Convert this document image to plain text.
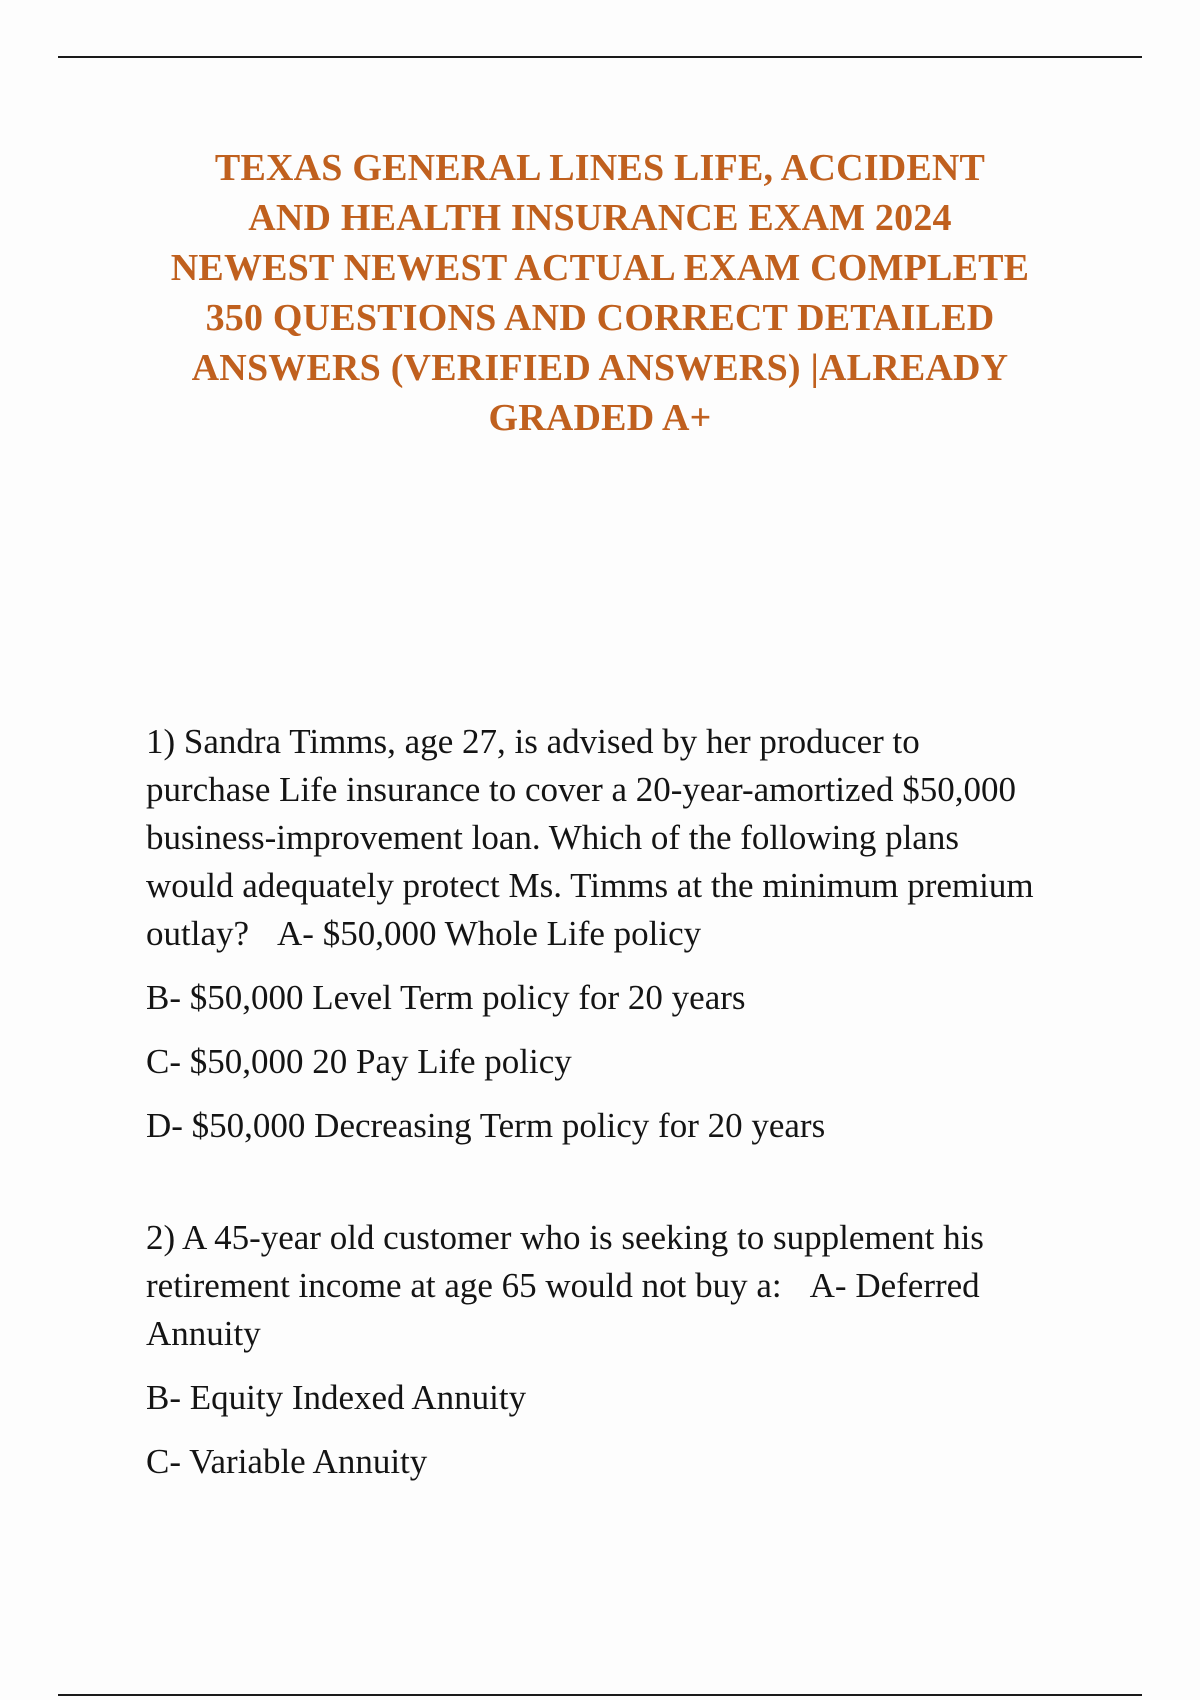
TEXAS GENERAL LINES LIFE, ACCIDENT
AND HEALTH INSURANCE EXAM 2024
NEWEST NEWEST ACTUAL EXAM COMPLETE
350 QUESTIONS AND CORRECT DETAILED
ANSWERS (VERIFIED ANSWERS) |ALREADY
GRADED A+

1) Sandra Timms, age 27, is advised by her producer to purchase Life insurance to cover a 20-year-amortized $50,000 business-improvement loan. Which of the following plans would adequately protect Ms. Timms at the minimum premium outlay? A- $50,000 Whole Life policy

B- $50,000 Level Term policy for 20 years

C- $50,000 20 Pay Life policy

D- $50,000 Decreasing Term policy for 20 years

2) A 45-year old customer who is seeking to supplement his retirement income at age 65 would not buy a: A- Deferred Annuity

B- Equity Indexed Annuity

C- Variable Annuity
